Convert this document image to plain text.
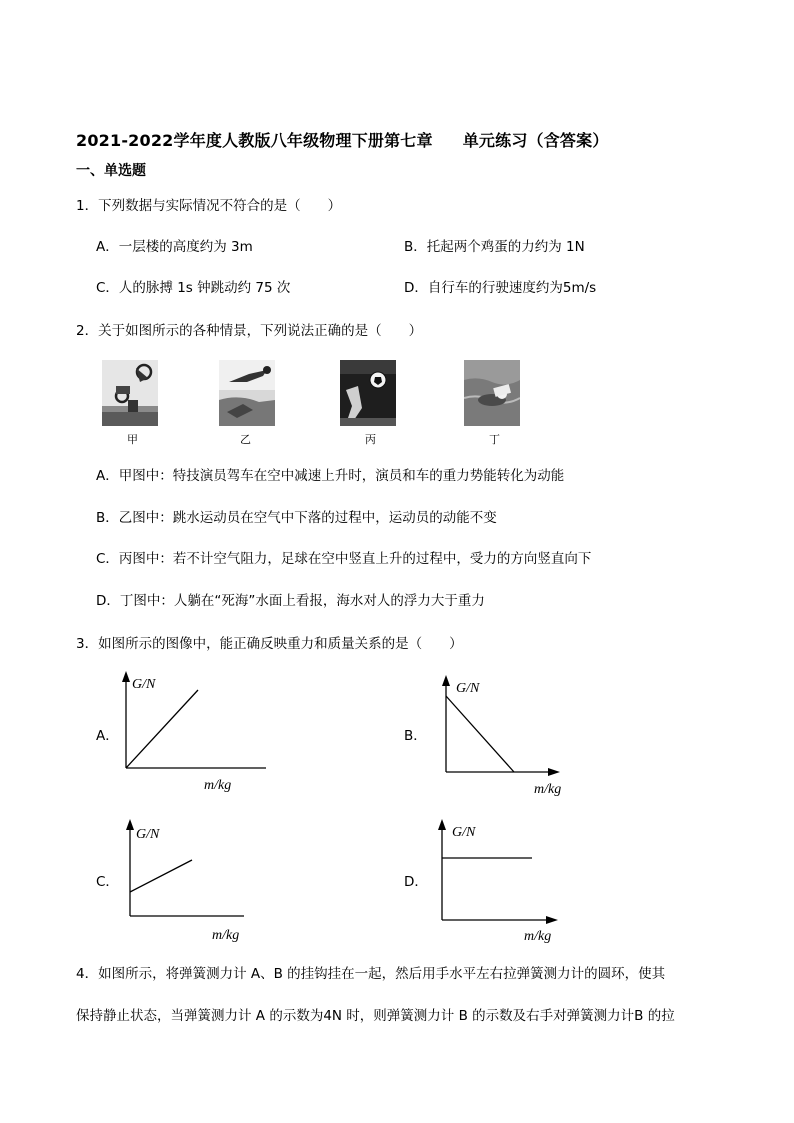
2021-2022学年度人教版八年级物理下册第七章 单元练习（含答案）
一、单选题
1．下列数据与实际情况不符合的是（　　）
A．一层楼的高度约为 3m	B．托起两个鸡蛋的力约为 1N
C．人的脉搏 1s 钟跳动约 75 次	D．自行车的行驶速度约为5m/s
2．关于如图所示的各种情景，下列说法正确的是（　　）
甲	乙	丙	丁
A．甲图中：特技演员驾车在空中减速上升时，演员和车的重力势能转化为动能
B．乙图中：跳水运动员在空气中下落的过程中，运动员的动能不变
C．丙图中：若不计空气阻力，足球在空中竖直上升的过程中，受力的方向竖直向下
D．丁图中：人躺在“死海”水面上看报，海水对人的浮力大于重力
3．如图所示的图像中，能正确反映重力和质量关系的是（　　）
A．
G/N
m/kg
B．
G/N
m/kg
C．
G/N
m/kg
D．
G/N
m/kg
4．如图所示，将弹簧测力计 A、B 的挂钩挂在一起，然后用手水平左右拉弹簧测力计的圆环，使其
保持静止状态，当弹簧测力计 A 的示数为4N 时，则弹簧测力计 B 的示数及右手对弹簧测力计B 的拉
